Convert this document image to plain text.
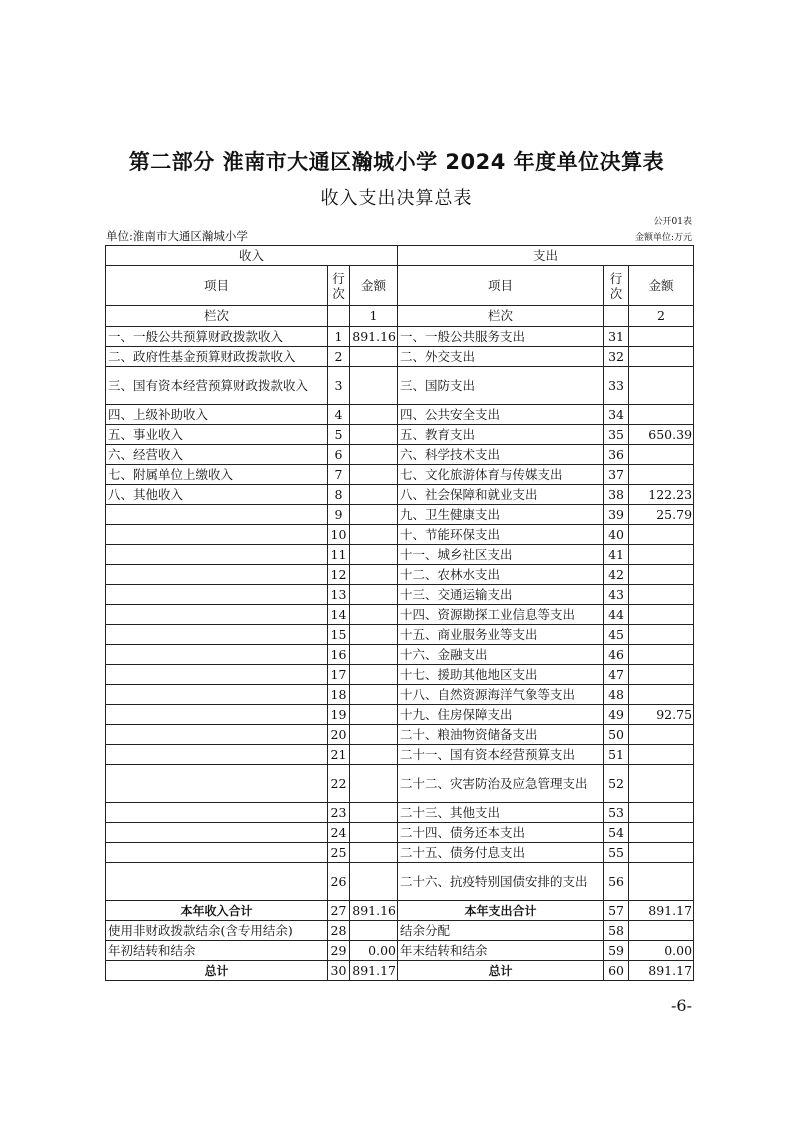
第二部分 淮南市大通区瀚城小学 2024 年度单位决算表
收入支出决算总表
公开01表
单位:淮南市大通区瀚城小学	金额单位:万元
收入			支出		
项目	行次	金额	项目	行次	金额
栏次		1	栏次		2
一、一般公共预算财政拨款收入	1	891.16	一、一般公共服务支出	31	
二、政府性基金预算财政拨款收入	2		二、外交支出	32	
三、国有资本经营预算财政拨款收入	3		三、国防支出	33	
四、上级补助收入	4		四、公共安全支出	34	
五、事业收入	5		五、教育支出	35	650.39
六、经营收入	6		六、科学技术支出	36	
七、附属单位上缴收入	7		七、文化旅游体育与传媒支出	37	
八、其他收入	8		八、社会保障和就业支出	38	122.23
	9		九、卫生健康支出	39	25.79
	10		十、节能环保支出	40	
	11		十一、城乡社区支出	41	
	12		十二、农林水支出	42	
	13		十三、交通运输支出	43	
	14		十四、资源勘探工业信息等支出	44	
	15		十五、商业服务业等支出	45	
	16		十六、金融支出	46	
	17		十七、援助其他地区支出	47	
	18		十八、自然资源海洋气象等支出	48	
	19		十九、住房保障支出	49	92.75
	20		二十、粮油物资储备支出	50	
	21		二十一、国有资本经营预算支出	51	
	22		二十二、灾害防治及应急管理支出	52	
	23		二十三、其他支出	53	
	24		二十四、债务还本支出	54	
	25		二十五、债务付息支出	55	
	26		二十六、抗疫特别国债安排的支出	56	
本年收入合计	27	891.16	本年支出合计	57	891.17
使用非财政拨款结余(含专用结余)	28		结余分配	58	
年初结转和结余	29	0.00	年末结转和结余	59	0.00
总计	30	891.17	总计	60	891.17
-6-
